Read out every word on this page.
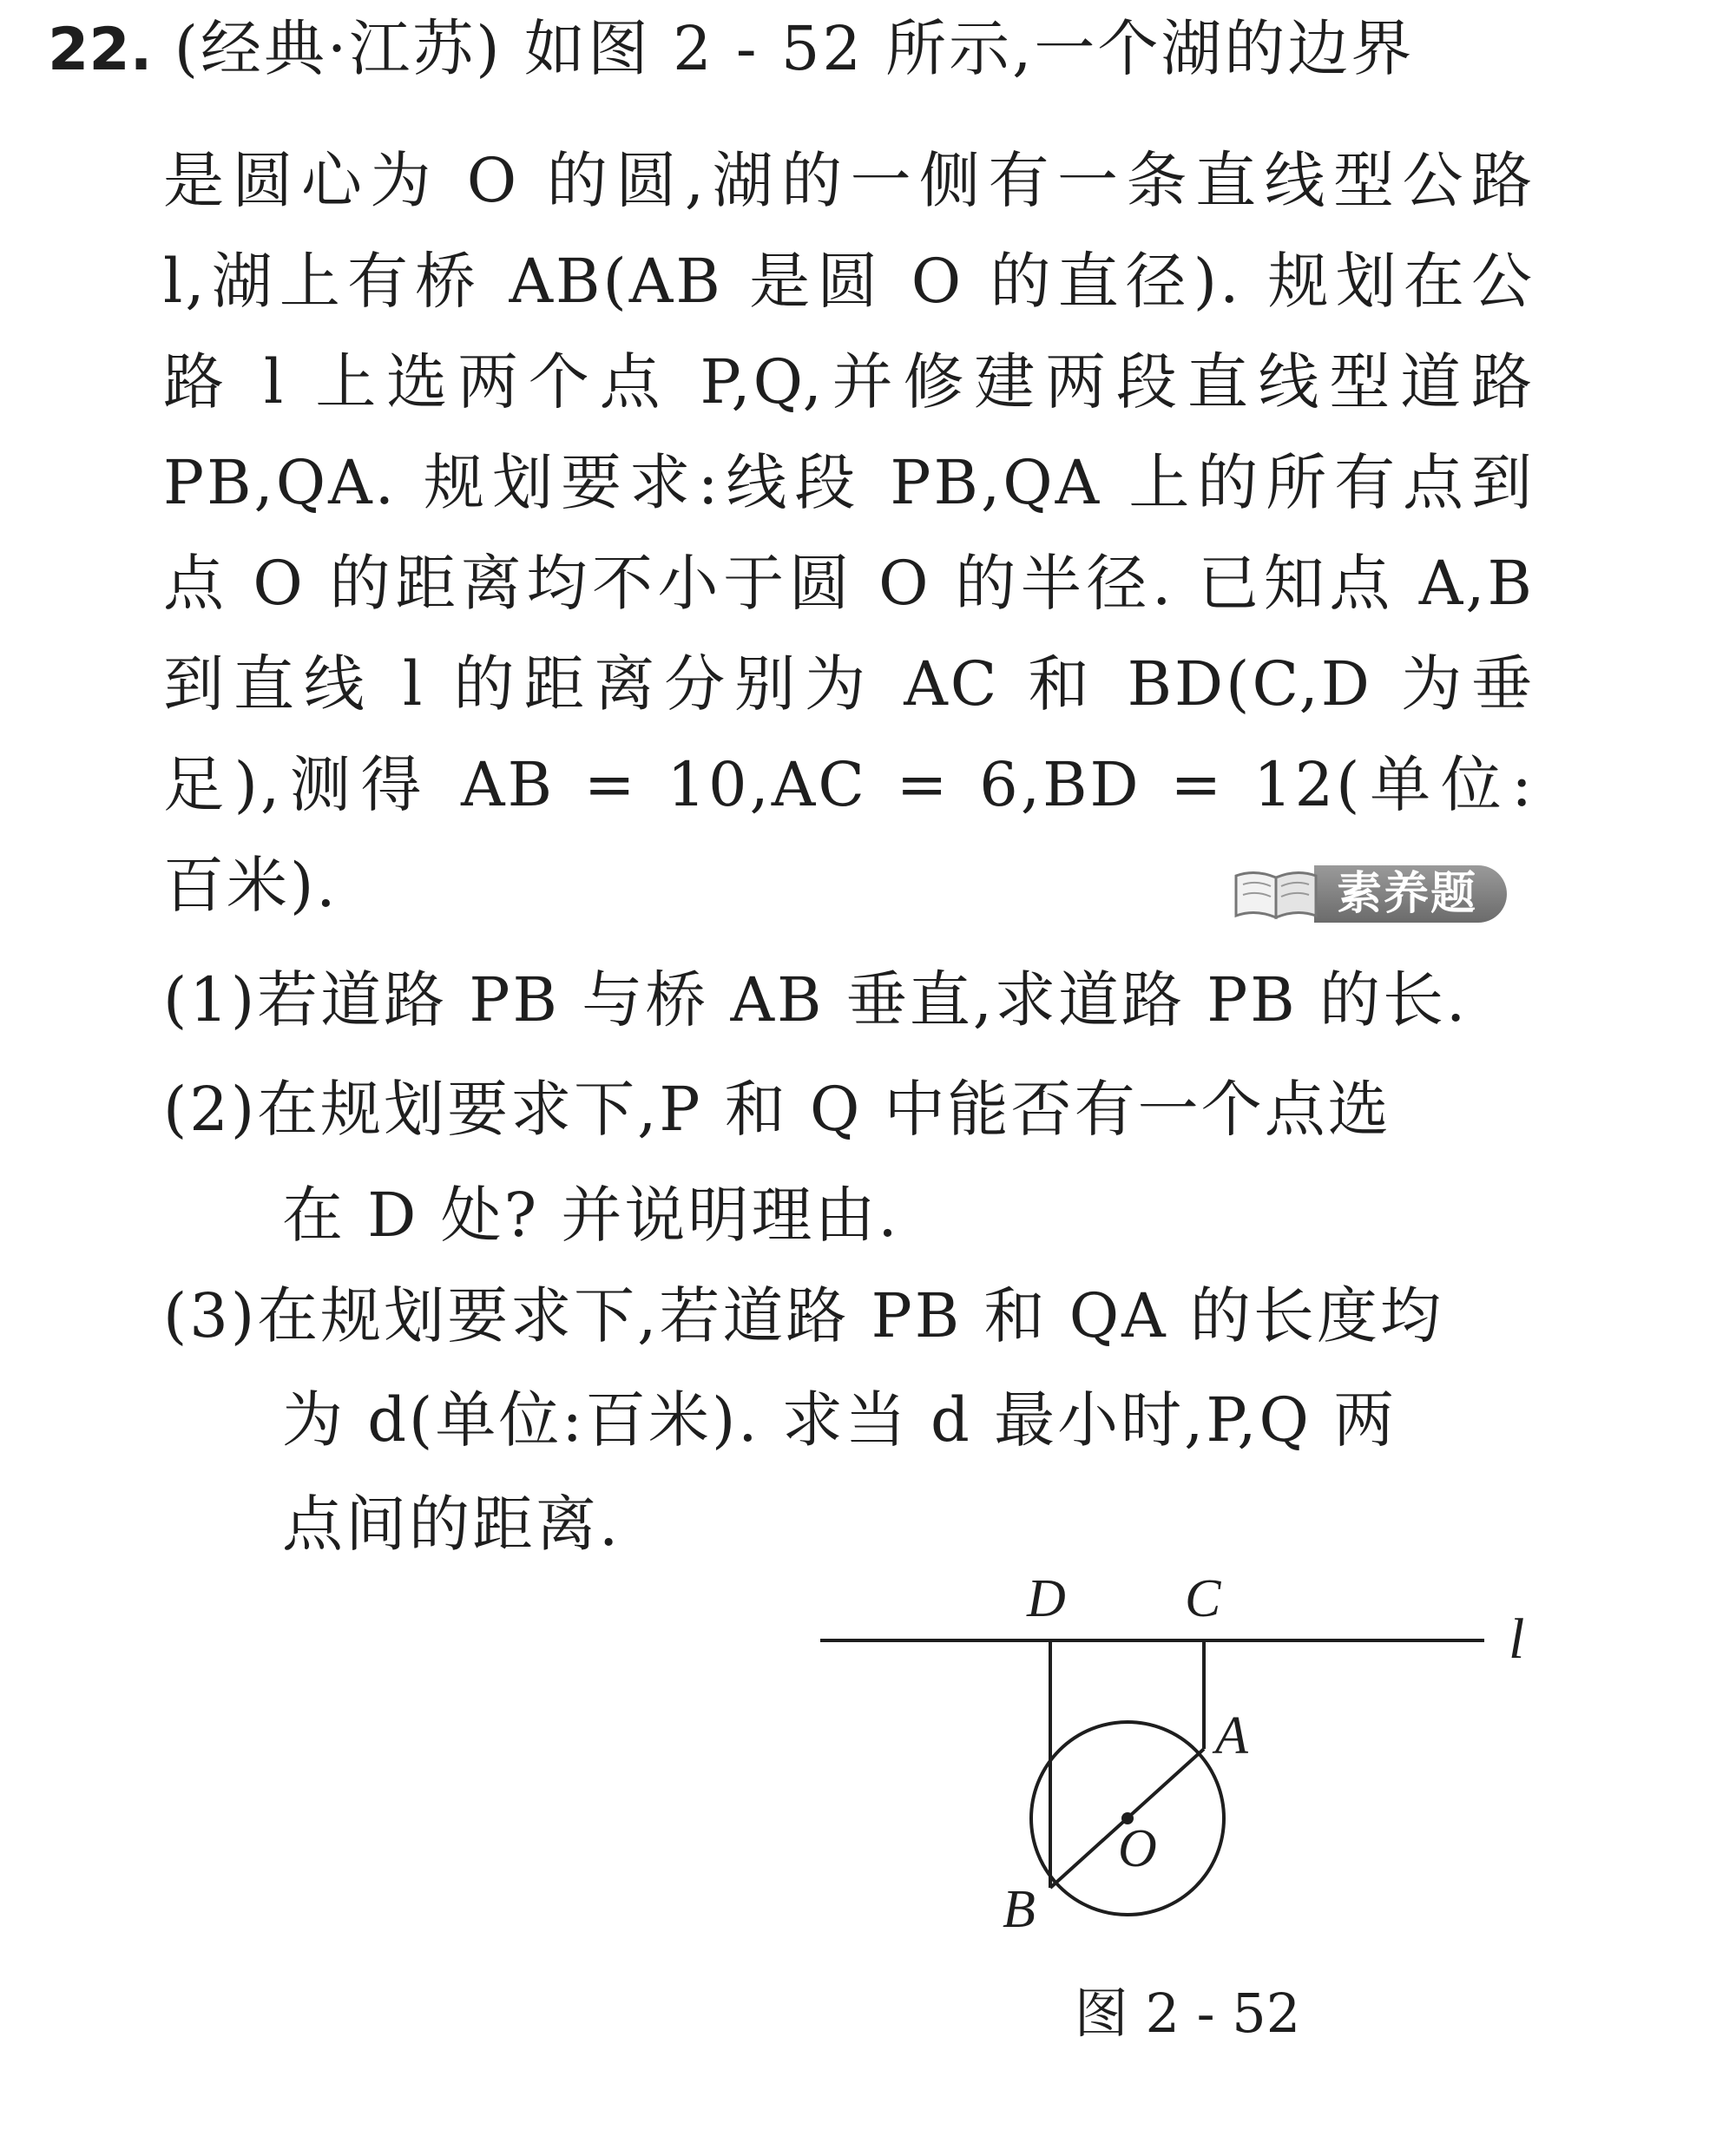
22. (经典·江苏) 如图 2 - 52 所示,一个湖的边界
是圆心为 O 的圆,湖的一侧有一条直线型公路
l,湖上有桥 AB(AB 是圆 O 的直径). 规划在公
路 l 上选两个点 P,Q,并修建两段直线型道路
PB,QA. 规划要求:线段 PB,QA 上的所有点到
点 O 的距离均不小于圆 O 的半径. 已知点 A,B
到直线 l 的距离分别为 AC 和 BD(C,D 为垂
足),测得 AB = 10,AC = 6,BD = 12(单位:
百米).	素养题
(1)若道路 PB 与桥 AB 垂直,求道路 PB 的长.
(2)在规划要求下,P 和 Q 中能否有一个点选
在 D 处? 并说明理由.
(3)在规划要求下,若道路 PB 和 QA 的长度均
为 d(单位:百米). 求当 d 最小时,P,Q 两
点间的距离.
D C
l
A
O
B
图 2 - 52
